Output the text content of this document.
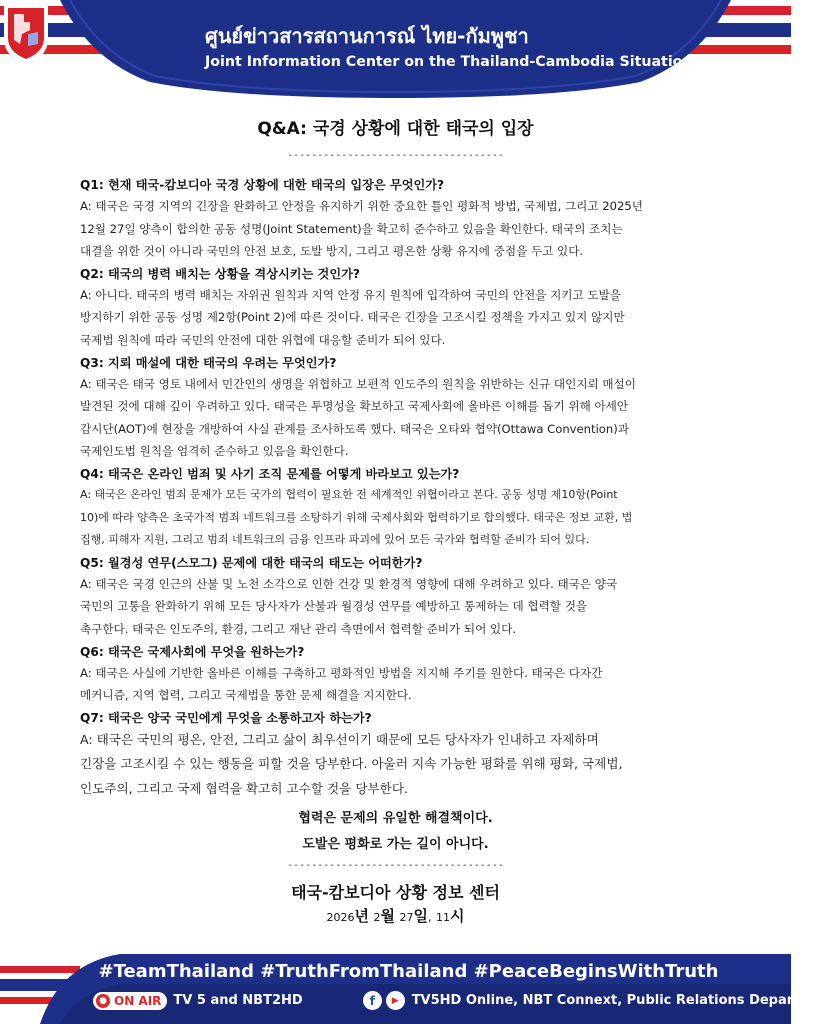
ศูนย์ข่าวสารสถานการณ์ ไทย-กัมพูชา
Joint Information Center on the Thailand-Cambodia Situation
Q&A: 국경 상황에 대한 태국의 입장
------------------------------------
Q1: 현재 태국-캄보디아 국경 상황에 대한 태국의 입장은 무엇인가?
A: 태국은 국경 지역의 긴장을 완화하고 안정을 유지하기 위한 중요한 틀인 평화적 방법, 국제법, 그리고 2025년
12월 27일 양측이 합의한 공동 성명(Joint Statement)을 확고히 준수하고 있음을 확인한다. 태국의 조치는
대결을 위한 것이 아니라 국민의 안전 보호, 도발 방지, 그리고 평온한 상황 유지에 중점을 두고 있다.
Q2: 태국의 병력 배치는 상황을 격상시키는 것인가?
A: 아니다. 태국의 병력 배치는 자위권 원칙과 지역 안정 유지 원칙에 입각하여 국민의 안전을 지키고 도발을
방지하기 위한 공동 성명 제2항(Point 2)에 따른 것이다. 태국은 긴장을 고조시킬 정책을 가지고 있지 않지만
국제법 원칙에 따라 국민의 안전에 대한 위협에 대응할 준비가 되어 있다.
Q3: 지뢰 매설에 대한 태국의 우려는 무엇인가?
A: 태국은 태국 영토 내에서 민간인의 생명을 위협하고 보편적 인도주의 원칙을 위반하는 신규 대인지뢰 매설이
발견된 것에 대해 깊이 우려하고 있다. 태국은 투명성을 확보하고 국제사회에 올바른 이해를 돕기 위해 아세안
감시단(AOT)에 현장을 개방하여 사실 관계를 조사하도록 했다. 태국은 오타와 협약(Ottawa Convention)과
국제인도법 원칙을 엄격히 준수하고 있음을 확인한다.
Q4: 태국은 온라인 범죄 및 사기 조직 문제를 어떻게 바라보고 있는가?
A: 태국은 온라인 범죄 문제가 모든 국가의 협력이 필요한 전 세계적인 위협이라고 본다. 공동 성명 제10항(Point
10)에 따라 양측은 초국가적 범죄 네트워크를 소탕하기 위해 국제사회와 협력하기로 합의했다. 태국은 정보 교환, 법
집행, 피해자 지원, 그리고 범죄 네트워크의 금융 인프라 파괴에 있어 모든 국가와 협력할 준비가 되어 있다.
Q5: 월경성 연무(스모그) 문제에 대한 태국의 태도는 어떠한가?
A: 태국은 국경 인근의 산불 및 노천 소각으로 인한 건강 및 환경적 영향에 대해 우려하고 있다. 태국은 양국
국민의 고통을 완화하기 위해 모든 당사자가 산불과 월경성 연무를 예방하고 통제하는 데 협력할 것을
촉구한다. 태국은 인도주의, 환경, 그리고 재난 관리 측면에서 협력할 준비가 되어 있다.
Q6: 태국은 국제사회에 무엇을 원하는가?
A: 태국은 사실에 기반한 올바른 이해를 구축하고 평화적인 방법을 지지해 주기를 원한다. 태국은 다자간
메커니즘, 지역 협력, 그리고 국제법을 통한 문제 해결을 지지한다.
Q7: 태국은 양국 국민에게 무엇을 소통하고자 하는가?
A: 태국은 국민의 평온, 안전, 그리고 삶이 최우선이기 때문에 모든 당사자가 인내하고 자제하며
긴장을 고조시킬 수 있는 행동을 피할 것을 당부한다. 아울러 지속 가능한 평화를 위해 평화, 국제법,
인도주의, 그리고 국제 협력을 확고히 고수할 것을 당부한다.
협력은 문제의 유일한 해결책이다.
도발은 평화로 가는 길이 아니다.
------------------------------------
태국-캄보디아 상황 정보 센터
2026년 2월 27일, 11시
#TeamThailand #TruthFromThailand #PeaceBeginsWithTruth
● ON AIR TV 5 and NBT2HD	f ▶ TV5HD Online, NBT Connext, Public Relations Department
